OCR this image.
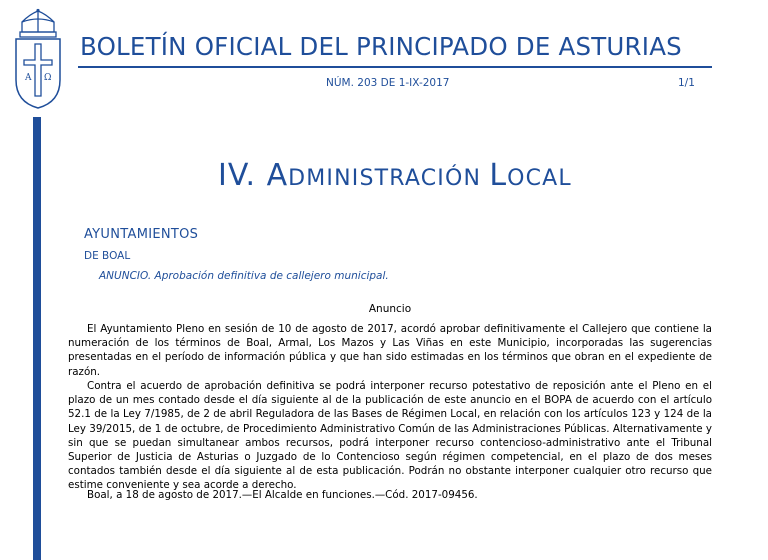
A Ω
BOLETÍN OFICIAL DEL PRINCIPADO DE ASTURIAS
NÚM. 203 DE 1-IX-2017	1/1
IV. ADMINISTRACIÓN LOCAL
AYUNTAMIENTOS
DE BOAL
ANUNCIO. Aprobación definitiva de callejero municipal.
Anuncio

El Ayuntamiento Pleno en sesión de 10 de agosto de 2017, acordó aprobar definitivamente el Callejero que contiene la numeración de los términos de Boal, Armal, Los Mazos y Las Viñas en este Municipio, incorporadas las sugerencias presentadas en el período de información pública y que han sido estimadas en los términos que obran en el expediente de razón.

Contra el acuerdo de aprobación definitiva se podrá interponer recurso potestativo de reposición ante el Pleno en el plazo de un mes contado desde el día siguiente al de la publicación de este anuncio en el BOPA de acuerdo con el artículo 52.1 de la Ley 7/1985, de 2 de abril Reguladora de las Bases de Régimen Local, en relación con los artículos 123 y 124 de la Ley 39/2015, de 1 de octubre, de Procedimiento Administrativo Común de las Administraciones Públicas. Alternativamente y sin que se puedan simultanear ambos recursos, podrá interponer recurso contencioso-administrativo ante el Tribunal Superior de Justicia de Asturias o Juzgado de lo Contencioso según régimen competencial, en el plazo de dos meses contados también desde el día siguiente al de esta publicación. Podrán no obstante interponer cualquier otro recurso que estime conveniente y sea acorde a derecho.

Boal, a 18 de agosto de 2017.—El Alcalde en funciones.—Cód. 2017-09456.
